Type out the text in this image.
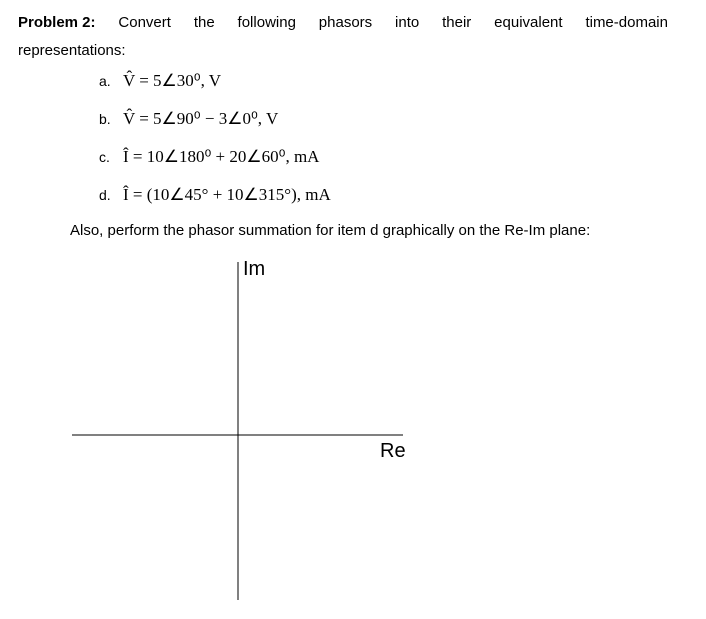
Problem 2: Convert the following phasors into their equivalent time-domain
representations:
a. V̂ = 5∠30⁰, V
b. V̂ = 5∠90⁰ − 3∠0⁰, V
c. Î = 10∠180⁰ + 20∠60⁰, mA
d. Î = (10∠45° + 10∠315°), mA
Also, perform the phasor summation for item d graphically on the Re-Im plane:
Im
Re
